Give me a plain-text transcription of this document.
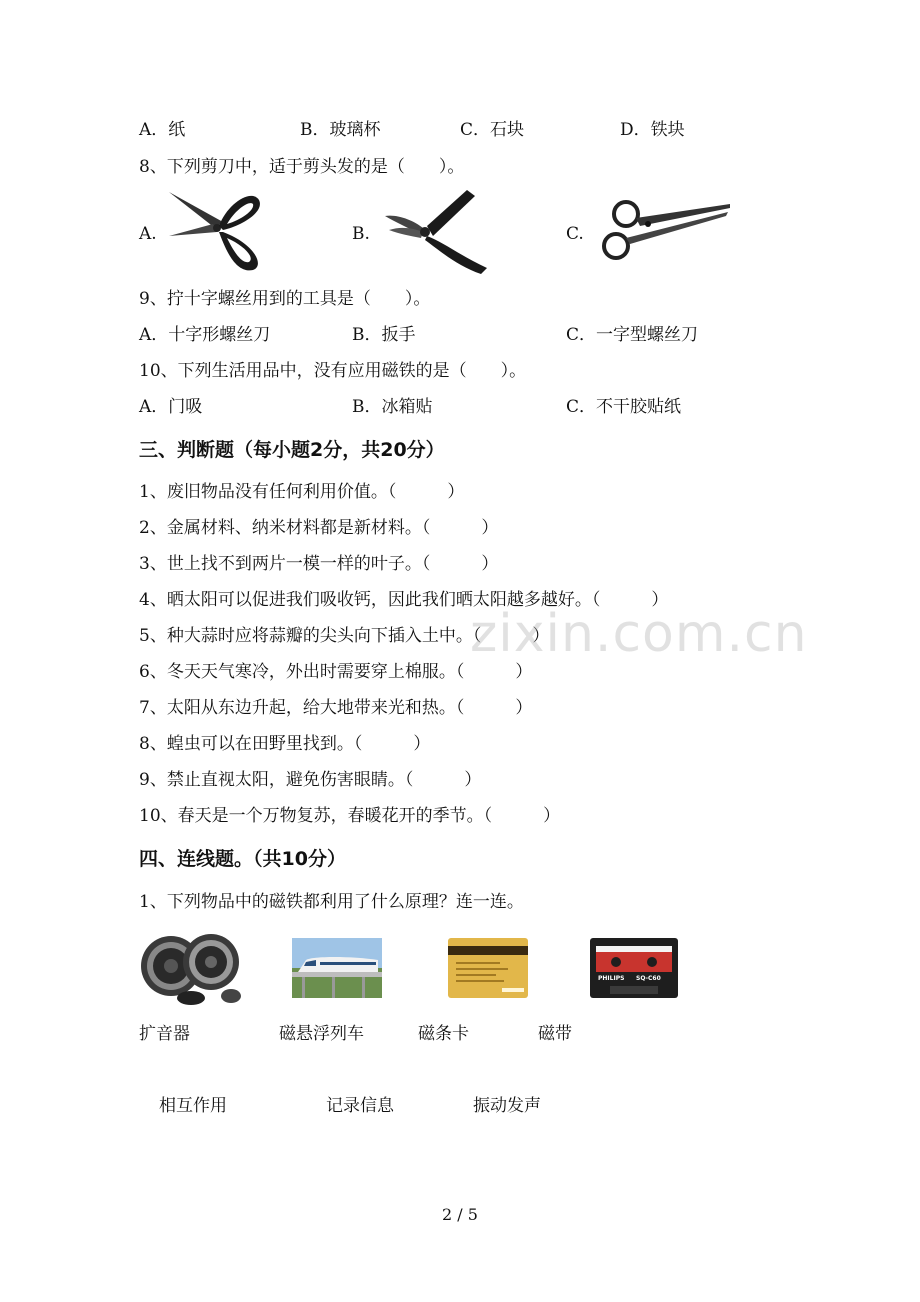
A．纸	B．玻璃杯	C．石块	D．铁块
8、下列剪刀中，适于剪头发的是（　　）。
A.	B.	C.
9、拧十字螺丝用到的工具是（　　）。
A．十字形螺丝刀	B．扳手	C．一字型螺丝刀
10、下列生活用品中，没有应用磁铁的是（　　）。
A．门吸	B．冰箱贴	C．不干胶贴纸
三、判断题（每小题2分，共20分）
1、废旧物品没有任何利用价值。（　　　）
2、金属材料、纳米材料都是新材料。（　　　）
3、世上找不到两片一模一样的叶子。（　　　）
4、晒太阳可以促进我们吸收钙，因此我们晒太阳越多越好。（　　　）
5、种大蒜时应将蒜瓣的尖头向下插入土中。（　　　）
6、冬天天气寒冷，外出时需要穿上棉服。（　　　）
7、太阳从东边升起，给大地带来光和热。（　　　）
8、蝗虫可以在田野里找到。（　　　）
9、禁止直视太阳，避免伤害眼睛。（　　　）
10、春天是一个万物复苏，春暖花开的季节。（　　　）
zixin.com.cn
四、连线题。（共10分）
1、下列物品中的磁铁都利用了什么原理？连一连。
PHILIPS SQ-C60
扩音器	磁悬浮列车	磁条卡	磁带
相互作用	记录信息	振动发声
2 / 5
